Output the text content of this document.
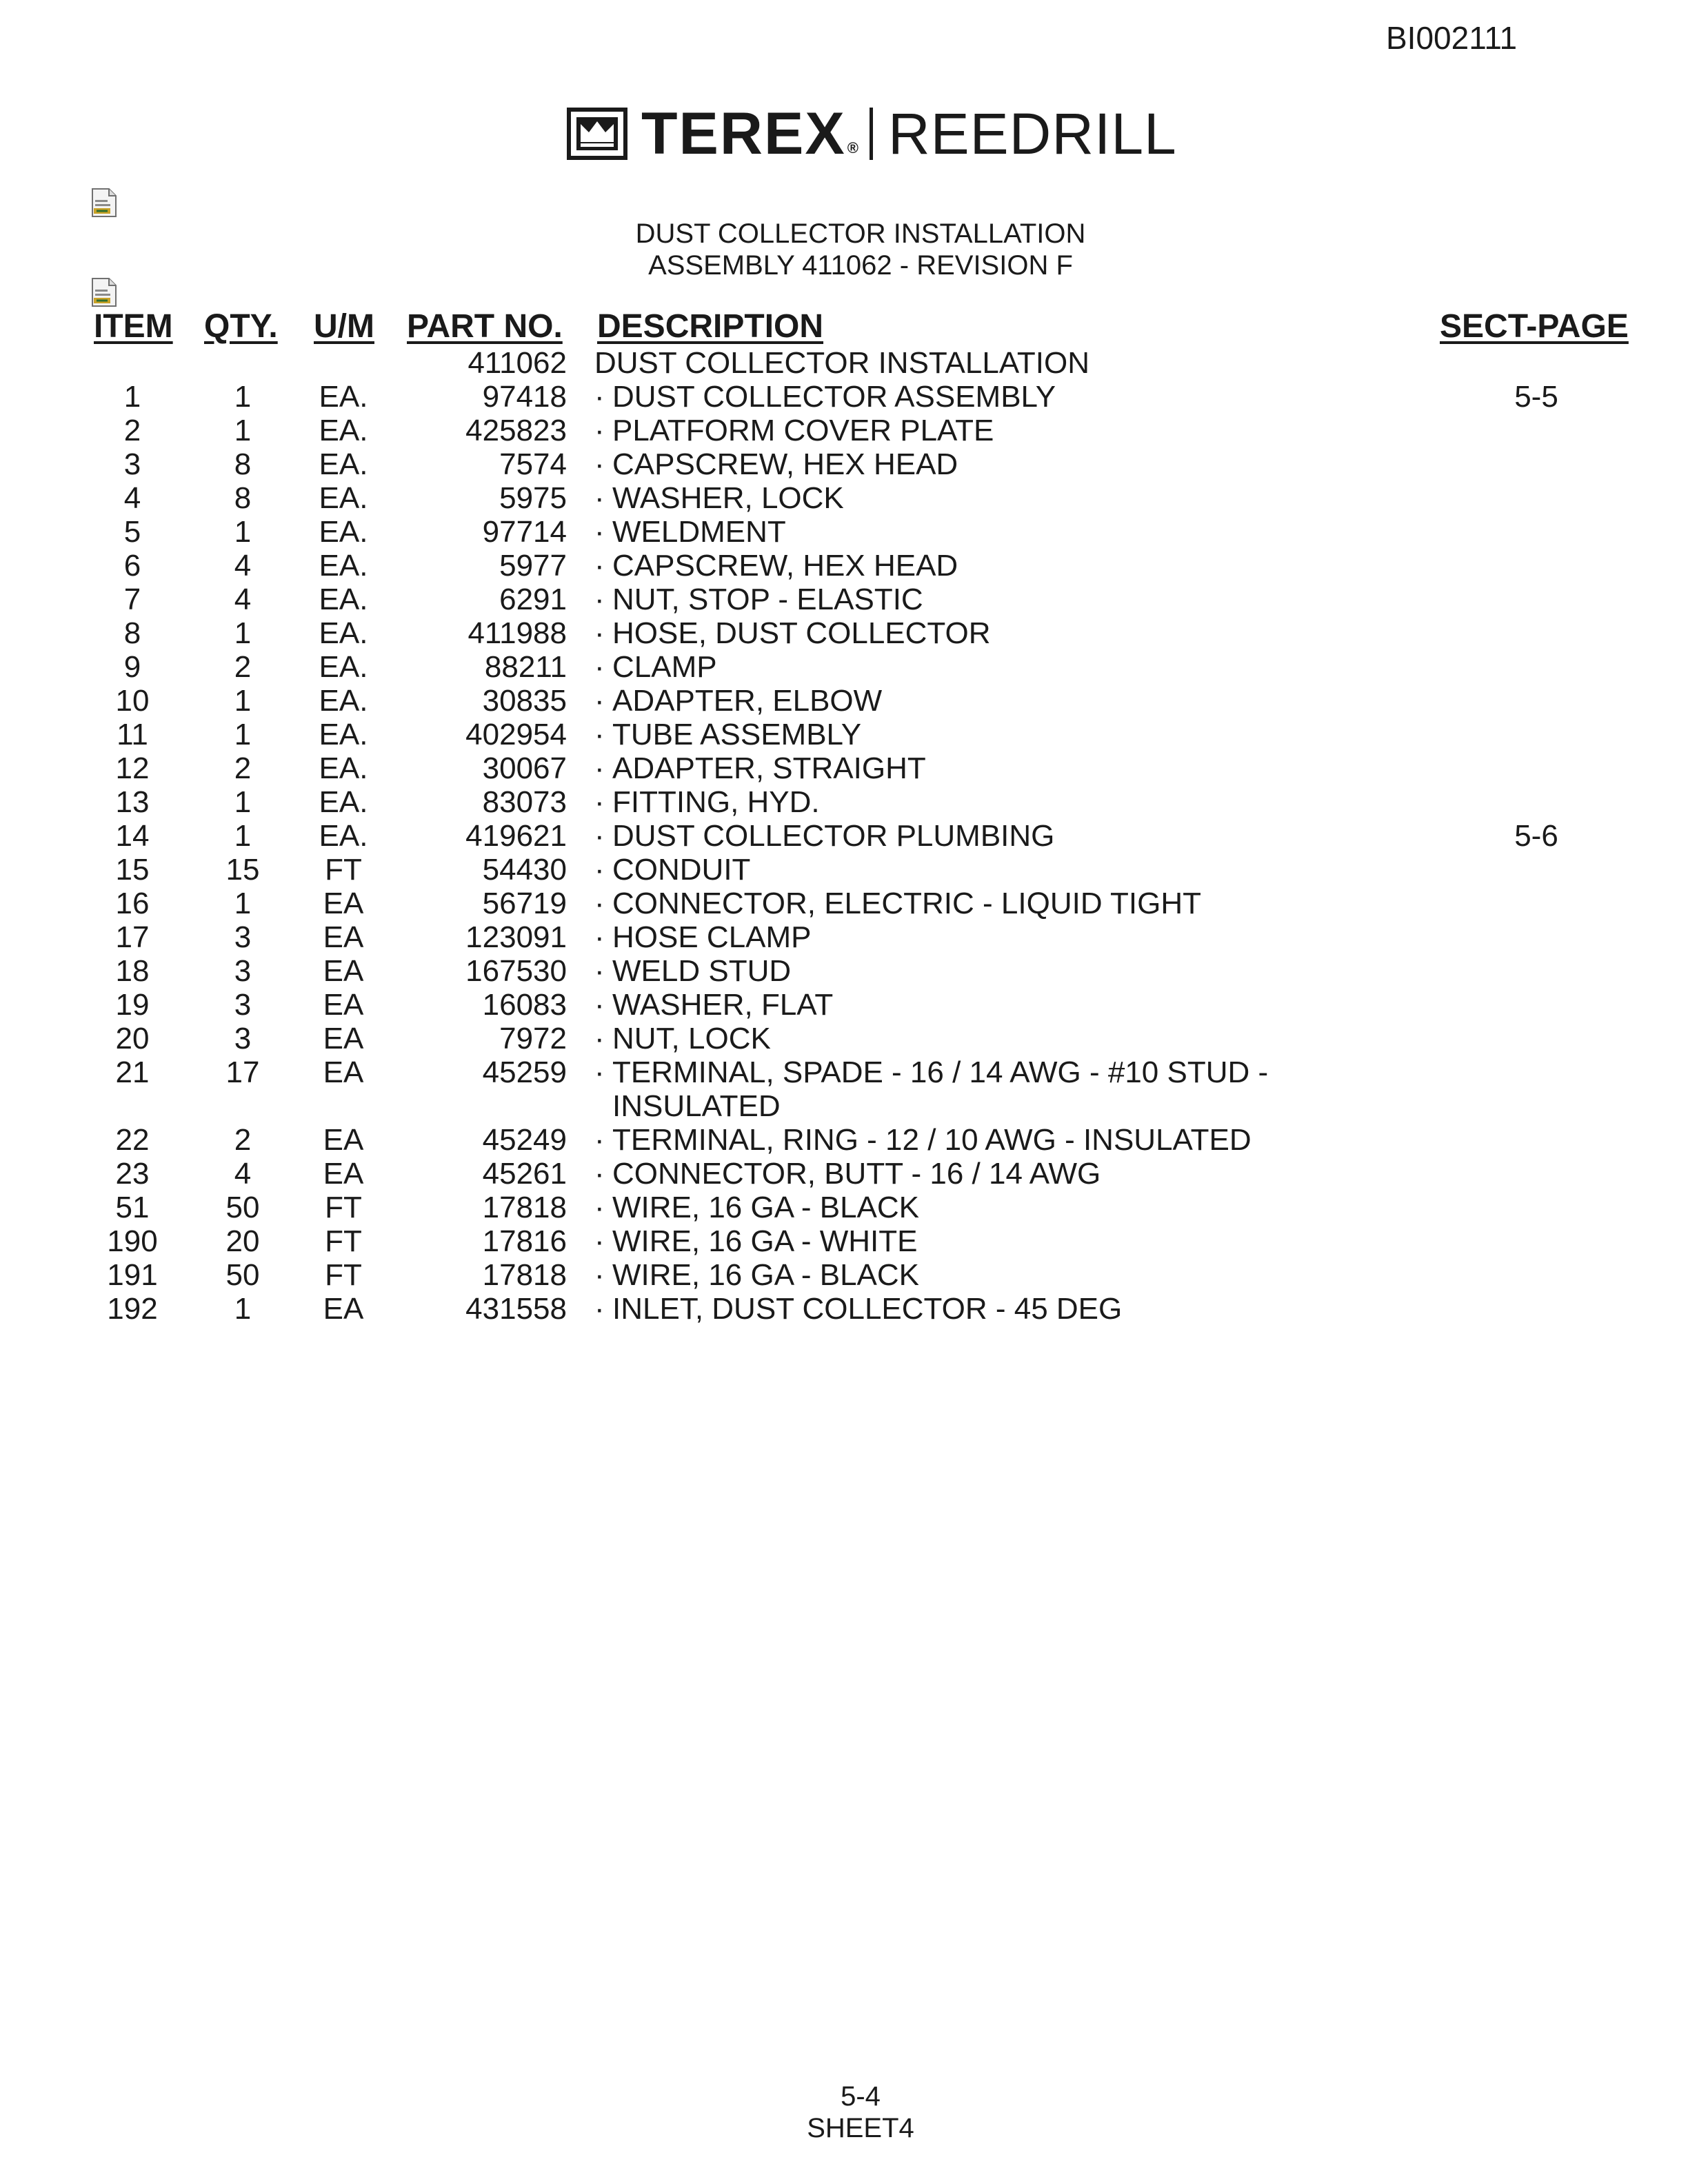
BI002111
TEREX ® REEDRILL
DUST COLLECTOR INSTALLATION
ASSEMBLY 411062 - REVISION F
ITEM QTY. U/M PART NO. DESCRIPTION	SECT-PAGE
411062 DUST COLLECTOR INSTALLATION
1	1	EA.	97418 · DUST COLLECTOR ASSEMBLY	5-5
2	1	EA.	425823 · PLATFORM COVER PLATE
3	8	EA.	7574 · CAPSCREW, HEX HEAD
4	8	EA.	5975 · WASHER, LOCK
5	1	EA.	97714 · WELDMENT
6	4	EA.	5977 · CAPSCREW, HEX HEAD
7	4	EA.	6291 · NUT, STOP - ELASTIC
8	1	EA.	411988 · HOSE, DUST COLLECTOR
9	2	EA.	88211 · CLAMP
10	1	EA.	30835 · ADAPTER, ELBOW
11	1	EA.	402954 · TUBE ASSEMBLY
12	2	EA.	30067 · ADAPTER, STRAIGHT
13	1	EA.	83073 · FITTING, HYD.
14	1	EA.	419621 · DUST COLLECTOR PLUMBING	5-6
15	15	FT	54430 · CONDUIT
16	1	EA	56719 · CONNECTOR, ELECTRIC - LIQUID TIGHT
17	3	EA	123091 · HOSE CLAMP
18	3	EA	167530 · WELD STUD
19	3	EA	16083 · WASHER, FLAT
20	3	EA	7972 · NUT, LOCK
21	17	EA	45259 · TERMINAL, SPADE - 16 / 14 AWG - #10 STUD -
INSULATED
22	2	EA	45249 · TERMINAL, RING - 12 / 10 AWG - INSULATED
23	4	EA	45261 · CONNECTOR, BUTT - 16 / 14 AWG
51	50	FT	17818 · WIRE, 16 GA - BLACK
190	20	FT	17816 · WIRE, 16 GA - WHITE
191	50	FT	17818 · WIRE, 16 GA - BLACK
192	1	EA	431558 · INLET, DUST COLLECTOR - 45 DEG
5-4
SHEET4
